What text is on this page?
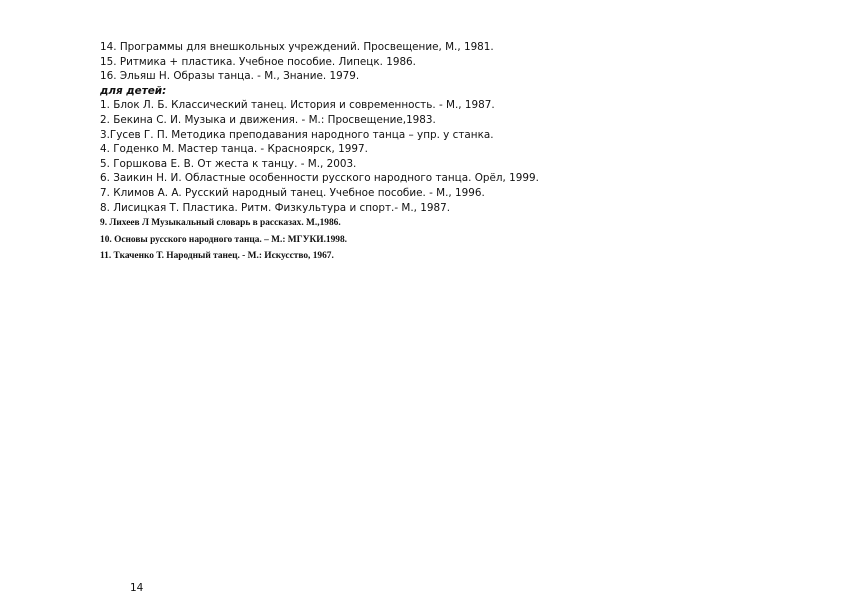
14. Программы для внешкольных учреждений. Просвещение, М., 1981.
15. Ритмика + пластика. Учебное пособие. Липецк. 1986.
16. Эльяш Н. Образы танца. - М., Знание. 1979.
для детей:
1. Блок Л. Б. Классический танец. История и современность. - М., 1987.
2. Бекина С. И. Музыка и движения. - М.: Просвещение,1983.
3.Гусев Г. П. Методика преподавания народного танца – упр. у станка.
4. Годенко М. Мастер танца. - Красноярск, 1997.
5. Горшкова Е. В. От жеста к танцу. - М., 2003.
6. Заикин Н. И. Областные особенности русского народного танца. Орёл, 1999.
7. Климов А. А. Русский народный танец. Учебное пособие. - М., 1996.
8. Лисицкая Т. Пластика. Ритм. Физкультура и спорт.- М., 1987.
9. Лихеев Л Музыкальный словарь в рассказах. М.,1986.
10. Основы русского народного танца. – М.: МГУКИ.1998.
11. Ткаченко Т. Народный танец. - М.: Искусство, 1967.
14
